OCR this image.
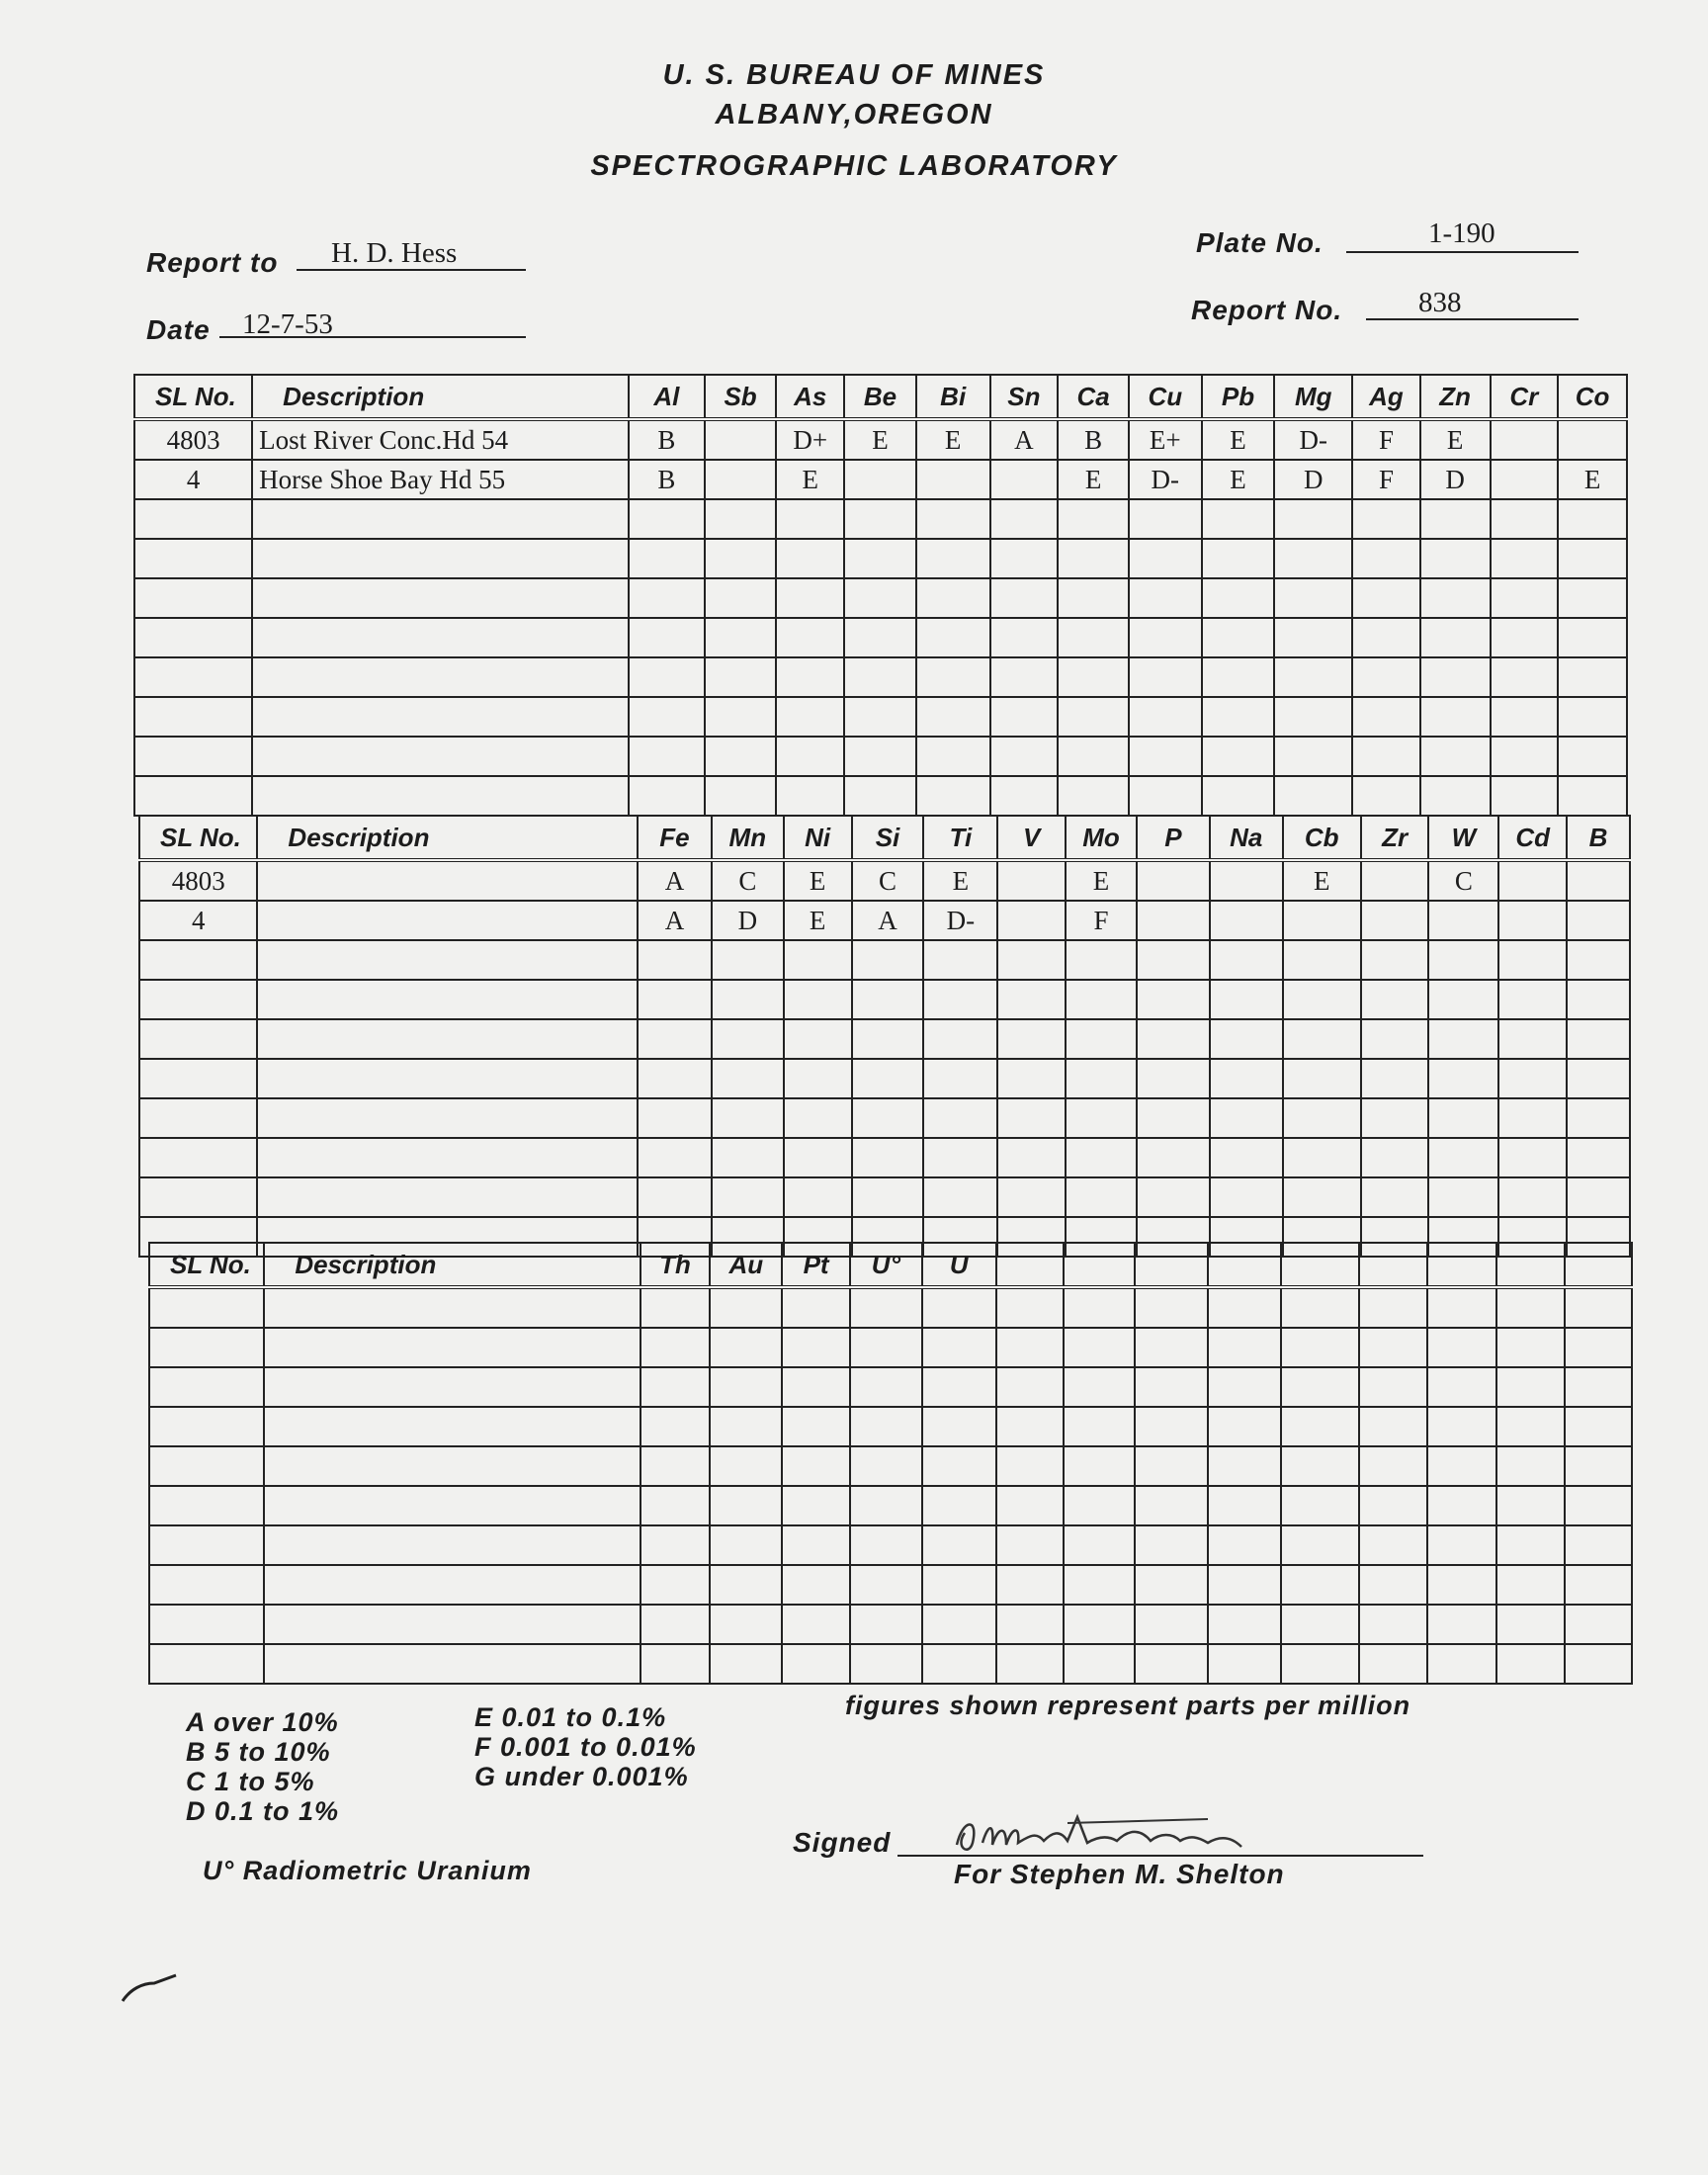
U. S. BUREAU OF MINES
ALBANY,OREGON
SPECTROGRAPHIC LABORATORY
Report to H. D. Hess
Date 12-7-53
Plate No.	1-190
Report No.	838
SL No.	Description	Al	Sb	As	Be	Bi	Sn	Ca	Cu	Pb	Mg	Ag	Zn	Cr	Co
4803	Lost River Conc.Hd 54	B		D+	E	E	A	B	E+	E	D-	F	E		
4	Horse Shoe Bay Hd 55	B		E				E	D-	E	D	F	D		E

SL No.	Description	Fe	Mn	Ni	Si	Ti	V	Mo	P	Na	Cb	Zr	W	Cd	B
4803		A	C	E	C	E		E			E		C		
4		A	D	E	A	D-		F							

SL No.	Description	Th	Au	Pt	U°	U									

A over 10%
B 5 to 10%
C 1 to 5%
D 0.1 to 1%
E 0.01 to 0.1%
F 0.001 to 0.01%
G under 0.001%
figures shown represent parts per million
U° Radiometric Uranium
Signed
For Stephen M. Shelton
